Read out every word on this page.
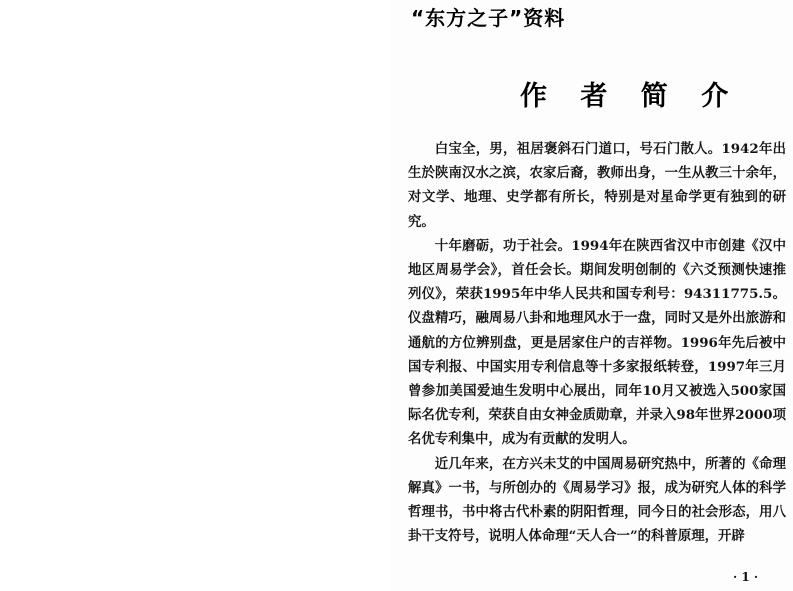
“东方之子”资料
作 者 简 介

白宝全，男，祖居褒斜石门道口，号石门散人。1942年出生於陕南汉水之滨，农家后裔，教师出身，一生从教三十余年，对文学、地理、史学都有所长，特别是对星命学更有独到的研究。

十年磨砺，功于社会。1994年在陕西省汉中市创建《汉中地区周易学会》，首任会长。期间发明创制的《六爻预测快速推列仪》，荣获1995年中华人民共和国专利号：94311775.5。仪盘精巧，融周易八卦和地理风水于一盘，同时又是外出旅游和通航的方位辨别盘，更是居家住户的吉祥物。1996年先后被中国专利报、中国实用专利信息等十多家报纸转登，1997年三月曾参加美国爱迪生发明中心展出，同年10月又被选入500家国际名优专利，荣获自由女神金质勋章，并录入98年世界2000项名优专利集中，成为有贡献的发明人。

近几年来，在方兴未艾的中国周易研究热中，所著的《命理解真》一书，与所创办的《周易学习》报，成为研究人体的科学哲理书，书中将古代朴素的阴阳哲理，同今日的社会形态，用八卦干支符号，说明人体命理“天人合一”的科普原理，开辟

· 1 ·
